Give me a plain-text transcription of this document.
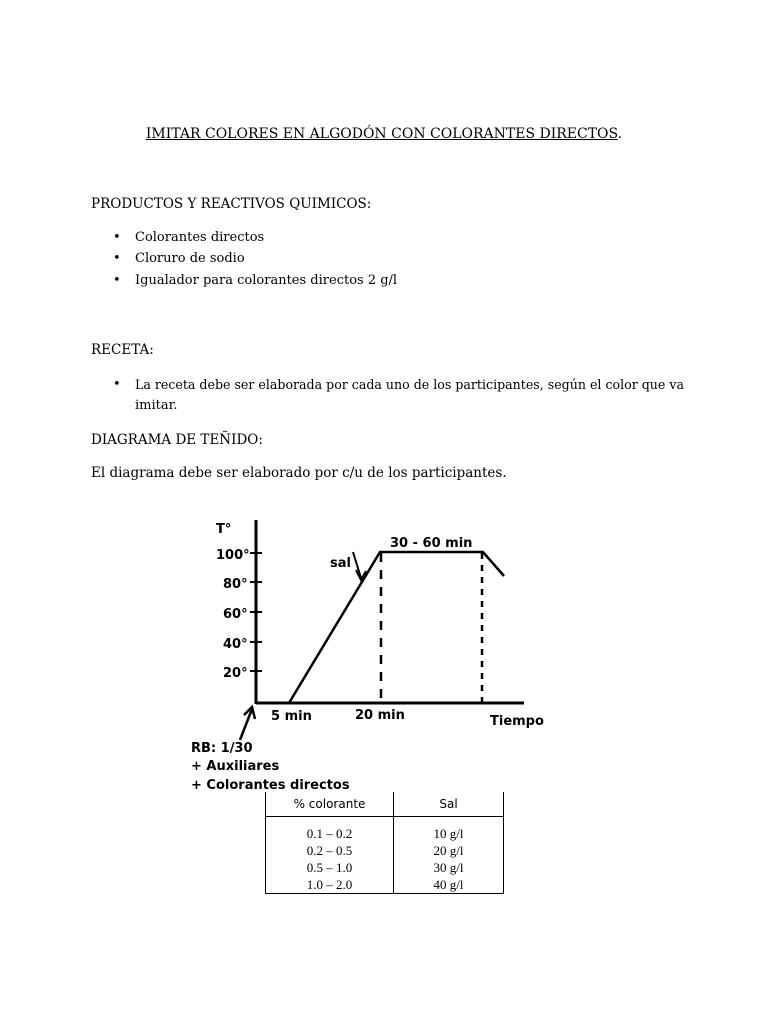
IMITAR COLORES EN ALGODÓN CON COLORANTES DIRECTOS.
PRODUCTOS Y REACTIVOS QUIMICOS:
• Colorantes directos
• Cloruro de sodio
• Igualador para colorantes directos 2 g/l
RECETA:
• La receta debe ser elaborada por cada uno de los participantes, según el color que va
imitar.
DIAGRAMA DE TEÑIDO:
El diagrama debe ser elaborado por c/u de los participantes.
T°
100°
80°
60°
40°
20°
5 min	20 min	Tiempo
30 - 60 min
sal
RB: 1/30
+ Auxiliares
+ Colorantes directos
% colorante	Sal
0.1 – 0.2	10 g/l
0.2 – 0.5	20 g/l
0.5 – 1.0	30 g/l
1.0 – 2.0	40 g/l
